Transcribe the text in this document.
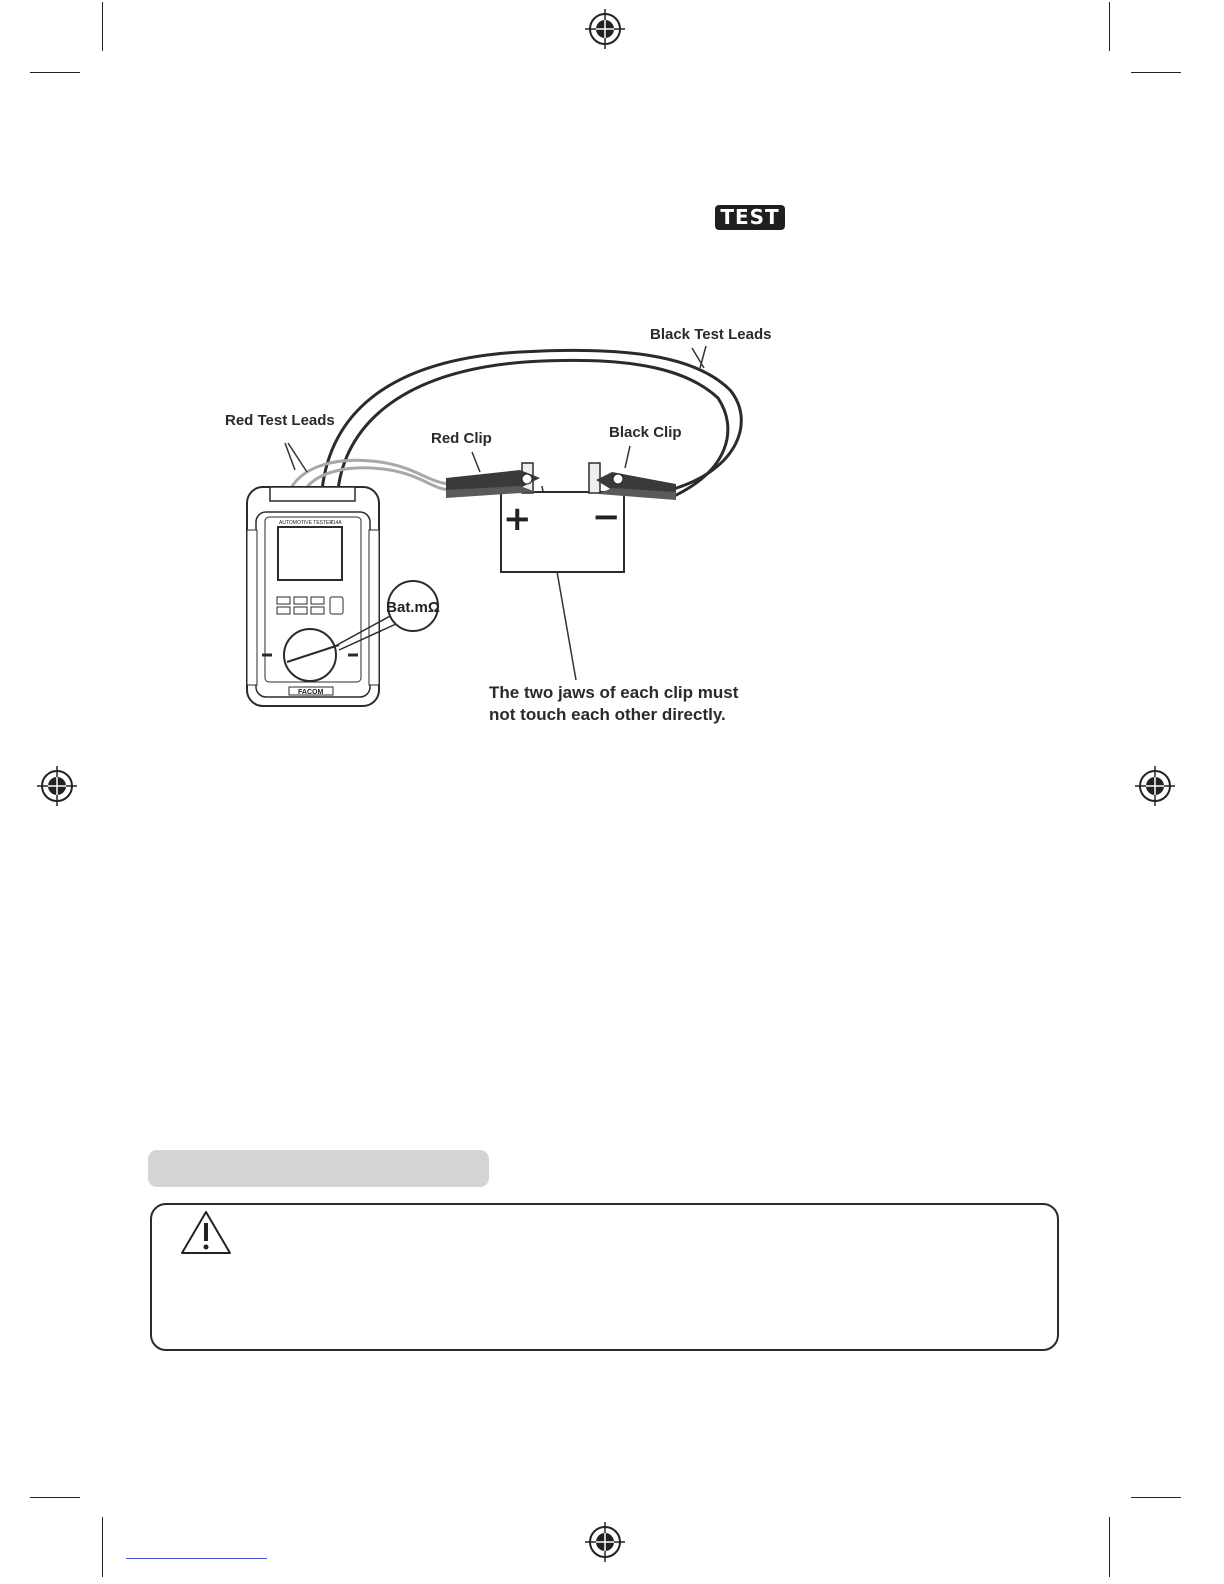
TEST
+ −
AUTOMOTIVE TESTER
714A
FACOM
Bat.mΩ
Black Test Leads
Red Test Leads
Red Clip	Black Clip
The two jaws of each clip must not touch each other directly.
